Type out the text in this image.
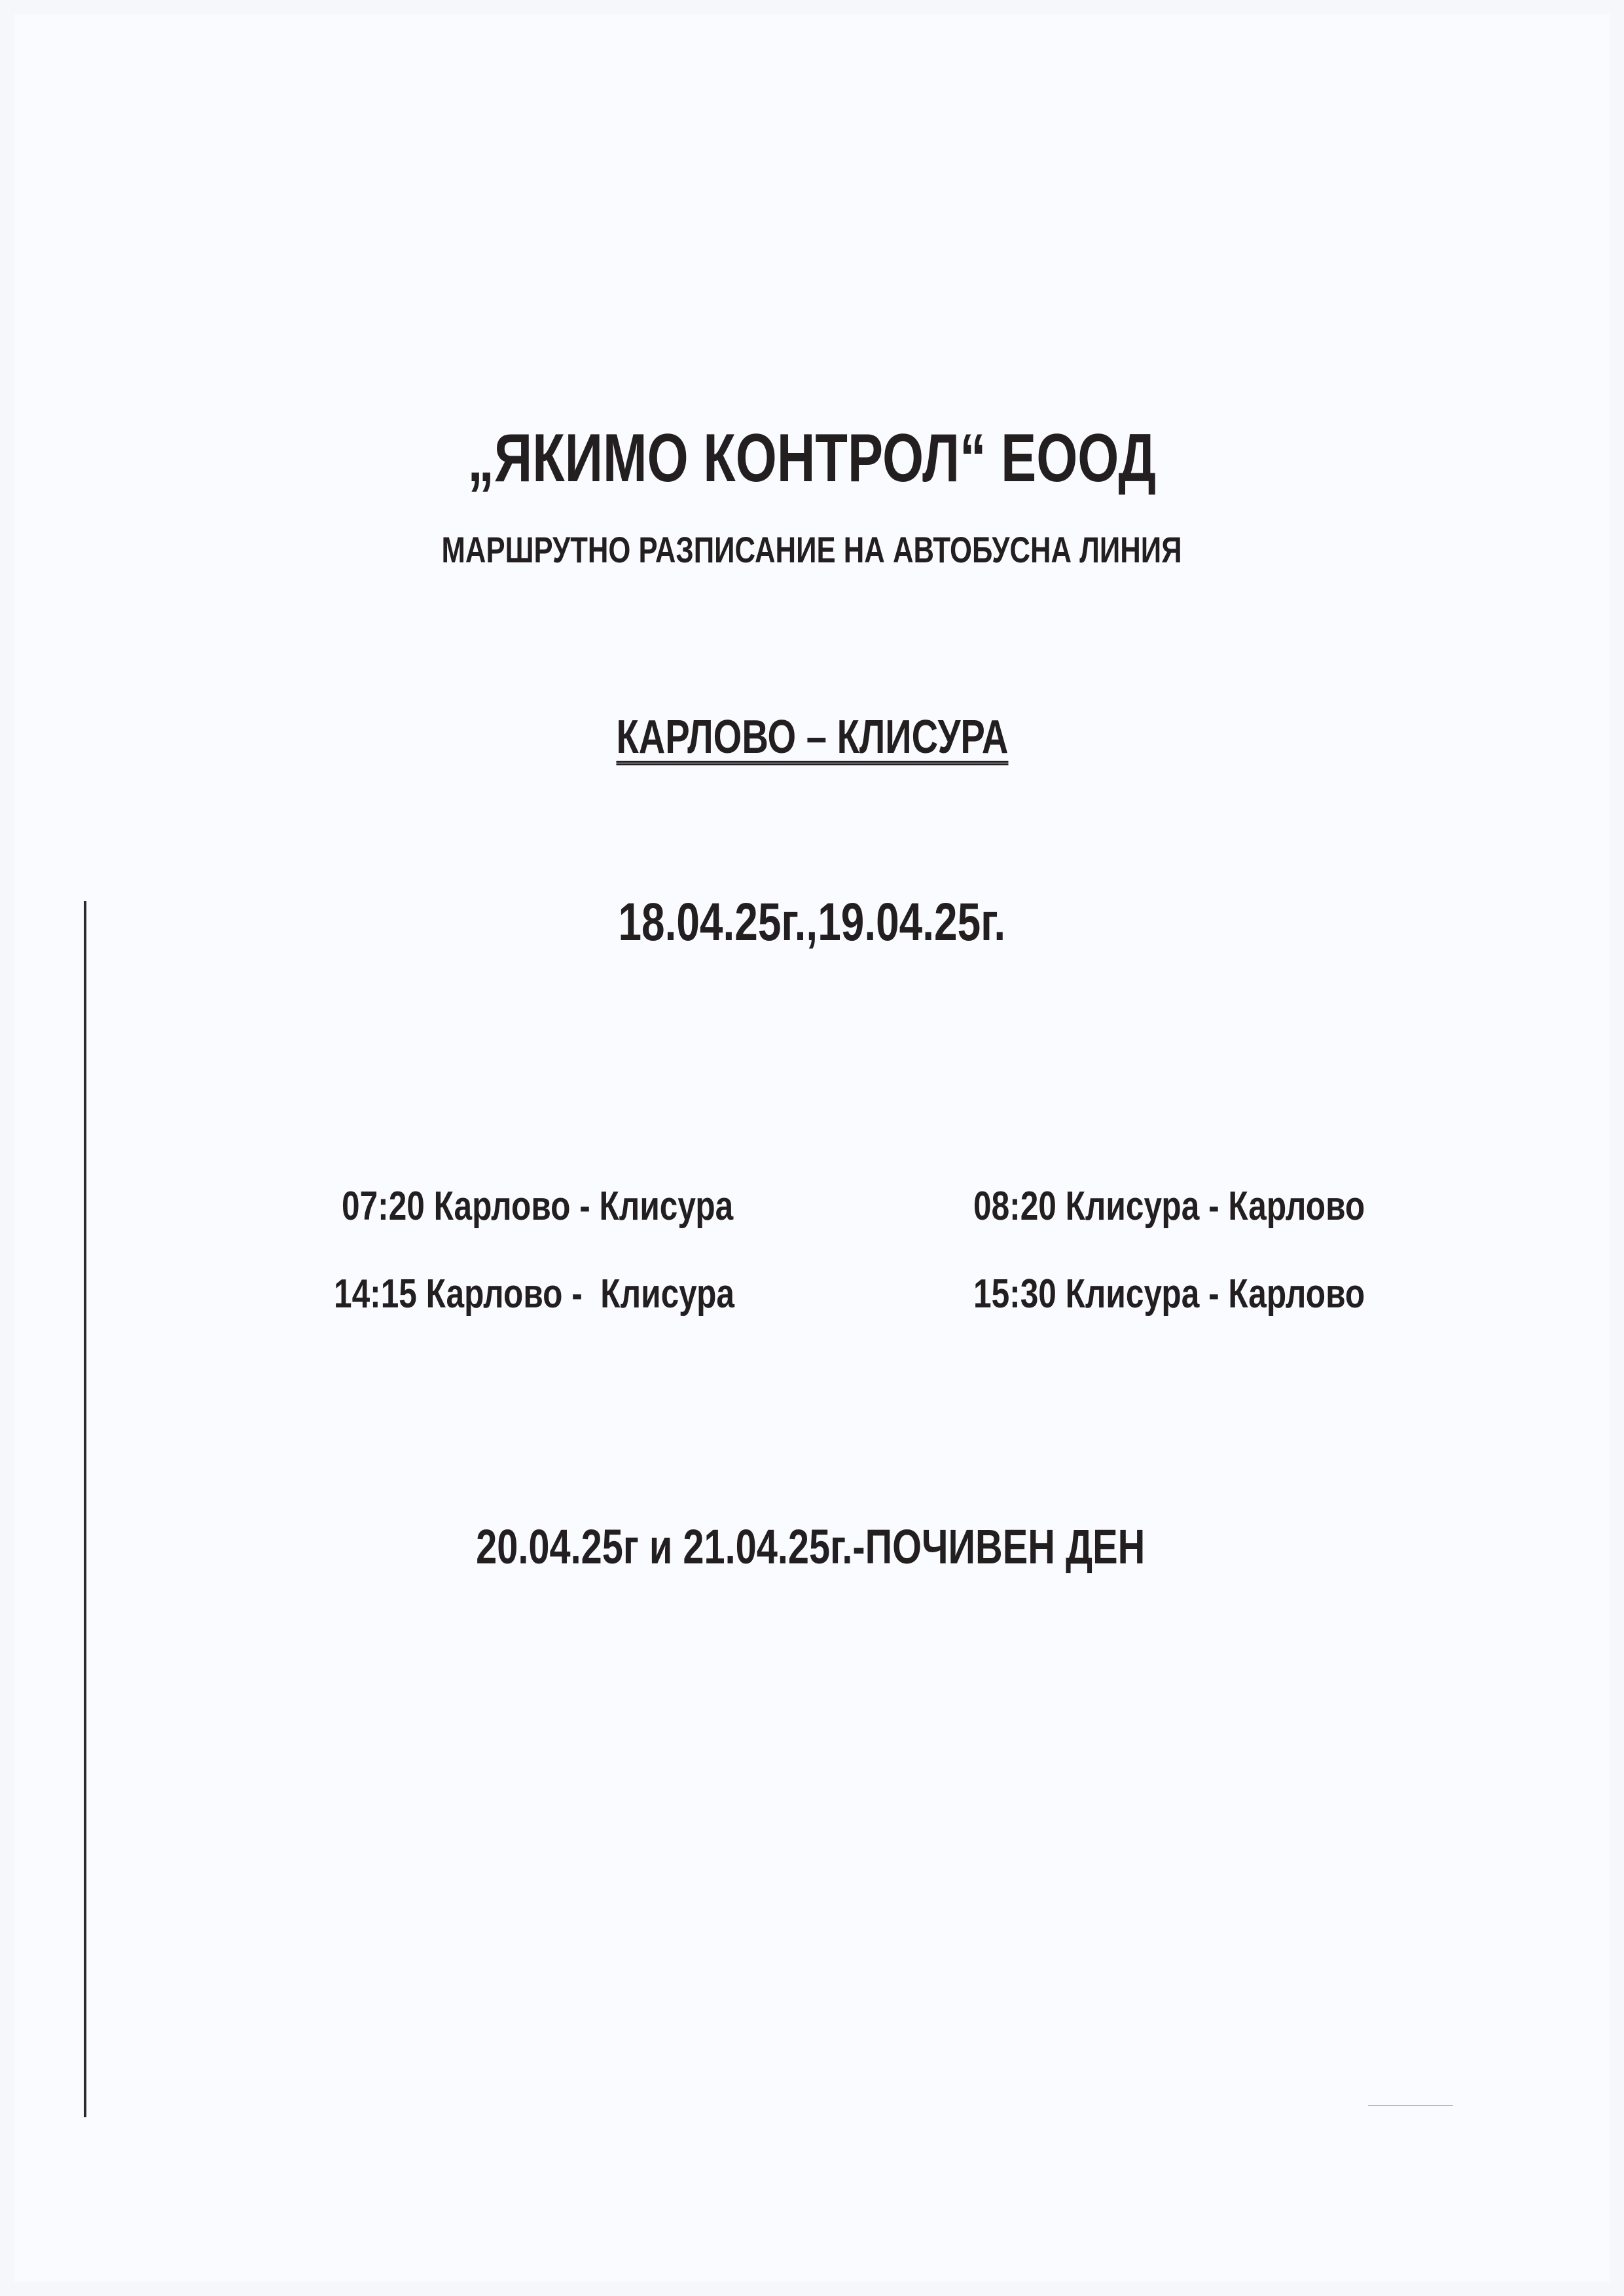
„ЯКИМО КОНТРОЛ“ ЕООД
МАРШРУТНО РАЗПИСАНИЕ НА АВТОБУСНА ЛИНИЯ
КАРЛОВО – КЛИСУРА
18.04.25г.,19.04.25г.
07:20 Карлово - Клисура	08:20 Клисура - Карлово
14:15 Карлово -  Клисура	15:30 Клисура - Карлово
20.04.25г и 21.04.25г.-ПОЧИВЕН ДЕН
